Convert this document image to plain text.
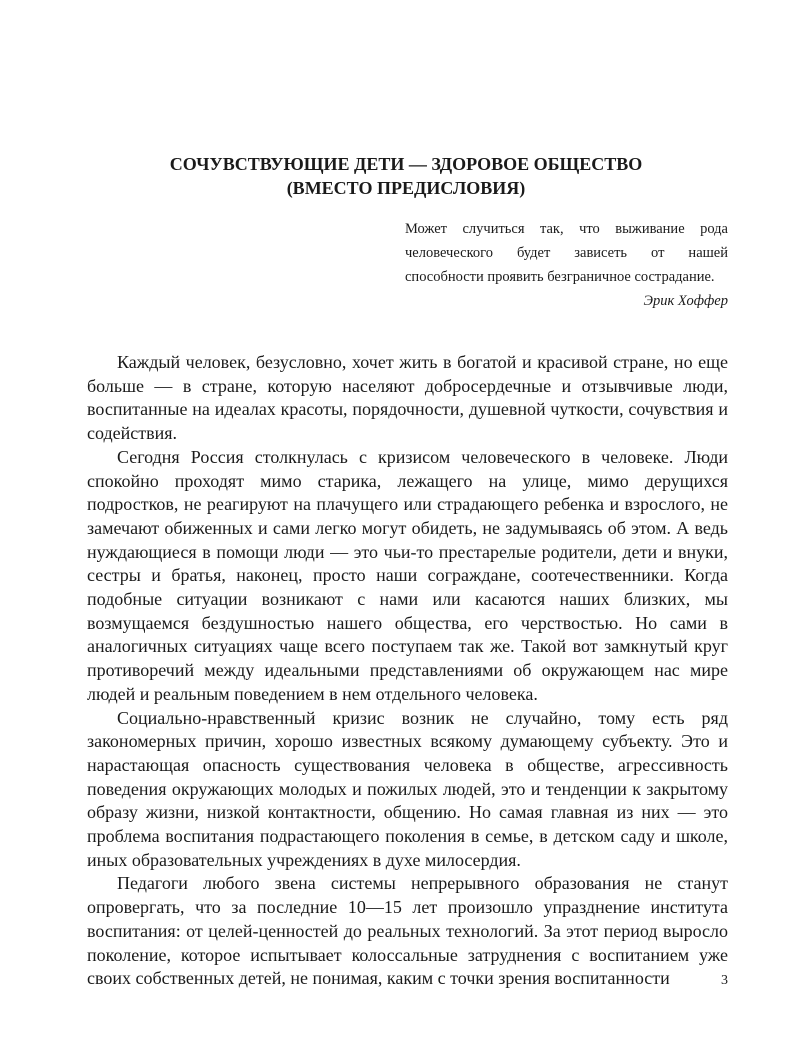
СОЧУВСТВУЮЩИЕ ДЕТИ — ЗДОРОВОЕ ОБЩЕСТВО
(ВМЕСТО ПРЕДИСЛОВИЯ)
Может случиться так, что выживание рода человеческого будет зависеть от нашей способности проявить безграничное сострадание.
Эрик Хоффер

Каждый человек, безусловно, хочет жить в богатой и красивой стране, но еще больше — в стране, которую населяют добросердечные и отзывчивые люди, воспитанные на идеалах красоты, порядочности, душевной чуткости, сочувствия и содействия.

Сегодня Россия столкнулась с кризисом человеческого в человеке. Люди спокойно проходят мимо старика, лежащего на улице, мимо дерущихся подростков, не реагируют на плачущего или страдающего ребенка и взрослого, не замечают обиженных и сами легко могут обидеть, не задумываясь об этом. А ведь нуждающиеся в помощи люди — это чьи-то престарелые родители, дети и внуки, сестры и братья, наконец, просто наши сограждане, соотечественники. Когда подобные ситуации возникают с нами или касаются наших близких, мы возмущаемся бездушностью нашего общества, его черствостью. Но сами в аналогичных ситуациях чаще всего поступаем так же. Такой вот замкнутый круг противоречий между идеальными представлениями об окружающем нас мире людей и реальным поведением в нем отдельного человека.

Социально-нравственный кризис возник не случайно, тому есть ряд закономерных причин, хорошо известных всякому думающему субъекту. Это и нарастающая опасность существования человека в обществе, агрессивность поведения окружающих молодых и пожилых людей, это и тенденции к закрытому образу жизни, низкой контактности, общению. Но самая главная из них — это проблема воспитания подрастающего поколения в семье, в детском саду и школе, иных образовательных учреждениях в духе милосердия.

Педагоги любого звена системы непрерывного образования не станут опровергать, что за последние 10—15 лет произошло упразднение института воспитания: от целей-ценностей до реальных технологий. За этот период выросло поколение, которое испытывает колоссальные затруднения с воспитанием уже своих собственных детей, не понимая, каким с точки зрения воспитанности	3
